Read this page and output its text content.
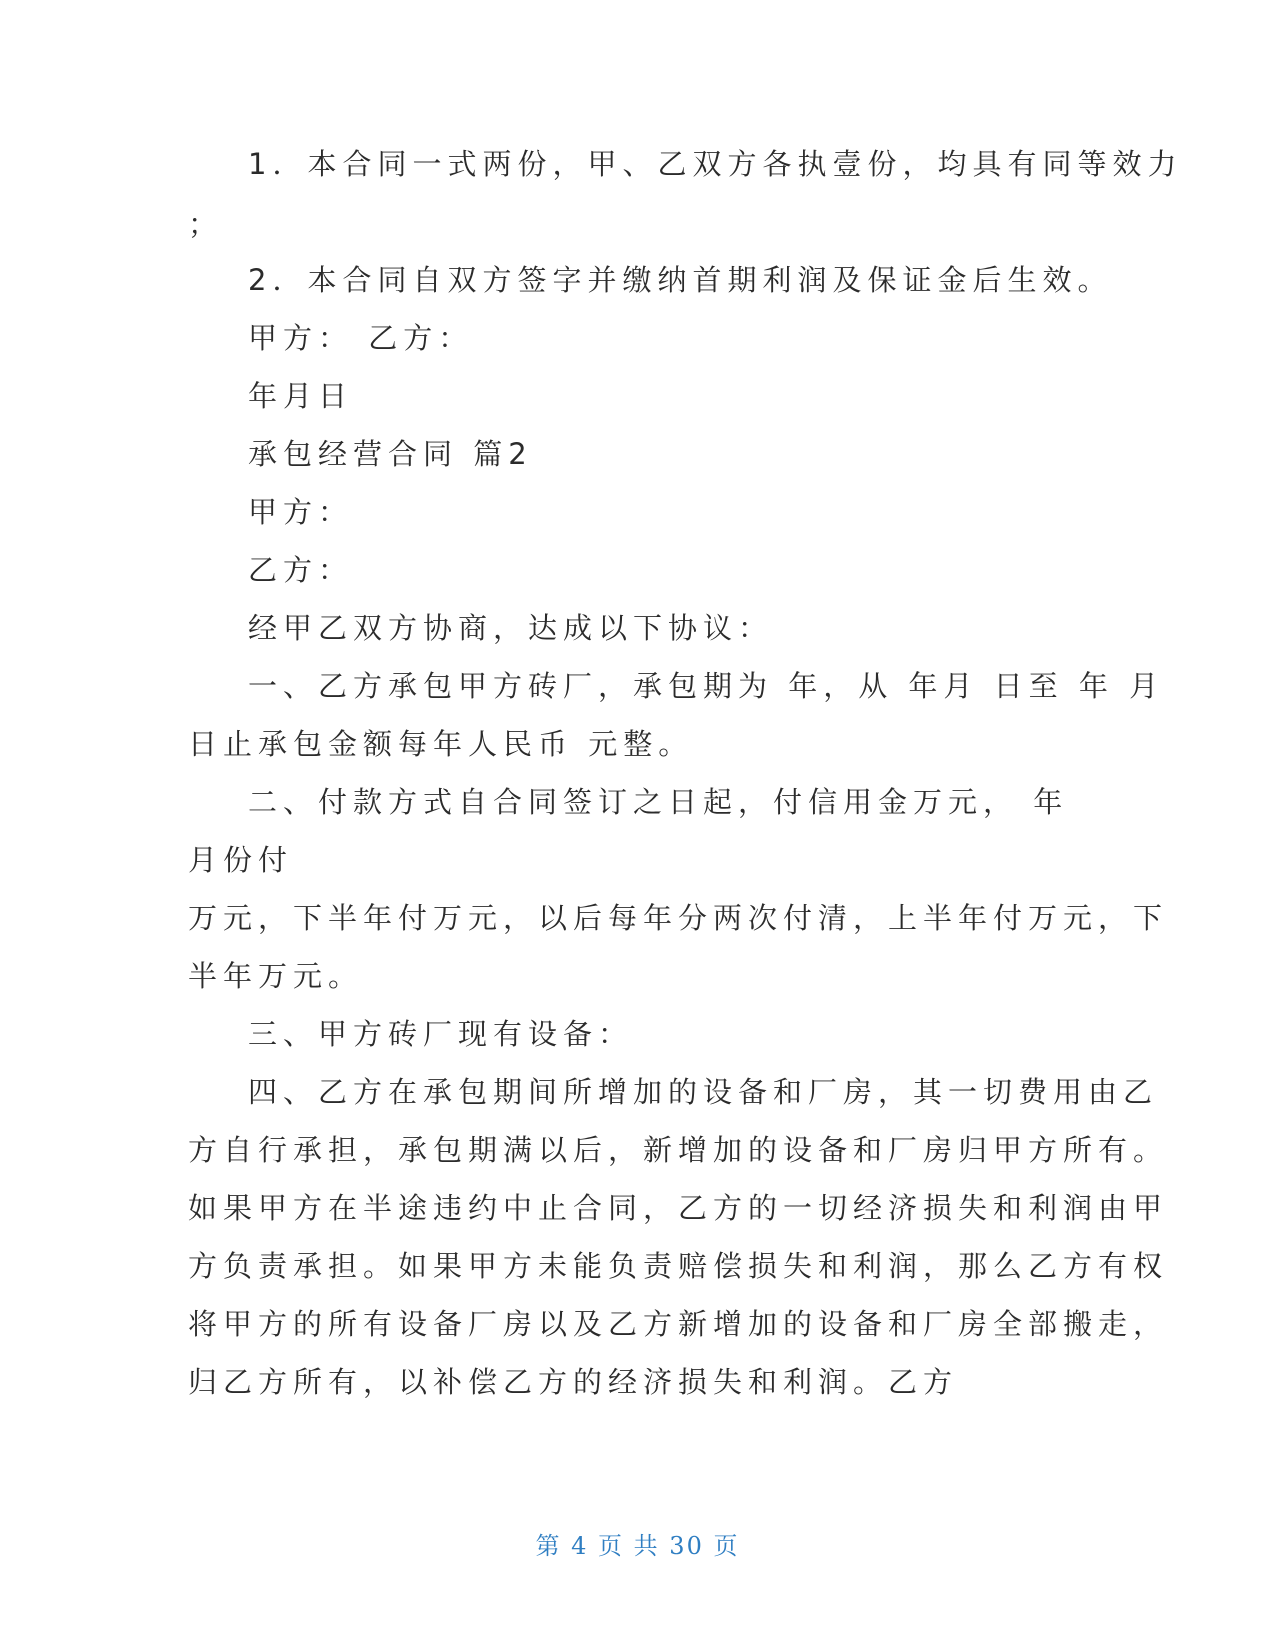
1．本合同一式两份，甲、乙双方各执壹份，均具有同等效力
；
2．本合同自双方签字并缴纳首期利润及保证金后生效。
甲方： 乙方：
年月日
承包经营合同 篇2
甲方：
乙方：
经甲乙双方协商，达成以下协议：
一、乙方承包甲方砖厂，承包期为 年，从 年月 日至 年 月
日止承包金额每年人民币 元整。
二、付款方式自合同签订之日起，付信用金万元， 年
月份付
万元，下半年付万元，以后每年分两次付清，上半年付万元，下
半年万元。
三、甲方砖厂现有设备：
四、乙方在承包期间所增加的设备和厂房，其一切费用由乙
方自行承担，承包期满以后，新增加的设备和厂房归甲方所有。
如果甲方在半途违约中止合同，乙方的一切经济损失和利润由甲
方负责承担。如果甲方未能负责赔偿损失和利润，那么乙方有权
将甲方的所有设备厂房以及乙方新增加的设备和厂房全部搬走，
归乙方所有，以补偿乙方的经济损失和利润。乙方
第 4 页 共 30 页
